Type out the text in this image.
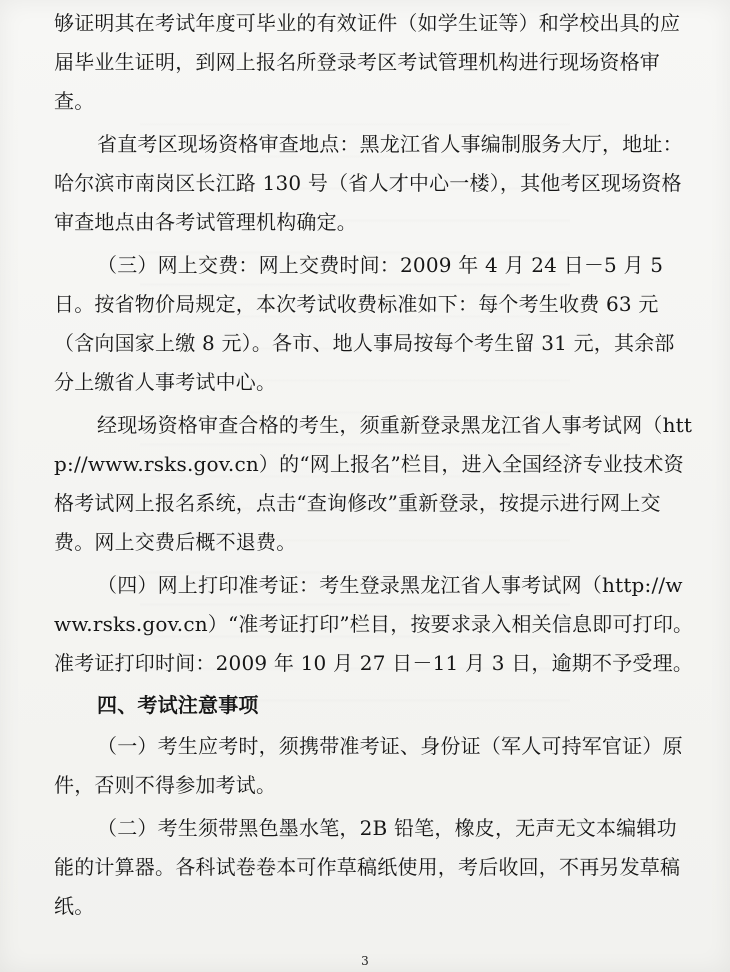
够证明其在考试年度可毕业的有效证件（如学生证等）和学校出具的应届毕业生证明，到网上报名所登录考区考试管理机构进行现场资格审查。

省直考区现场资格审查地点：黑龙江省人事编制服务大厅，地址：哈尔滨市南岗区长江路 130 号（省人才中心一楼），其他考区现场资格审查地点由各考试管理机构确定。

（三）网上交费：网上交费时间：2009 年 4 月 24 日－5 月 5 日。按省物价局规定，本次考试收费标准如下：每个考生收费 63 元（含向国家上缴 8 元）。各市、地人事局按每个考生留 31 元，其余部分上缴省人事考试中心。

经现场资格审查合格的考生，须重新登录黑龙江省人事考试网（http://www.rsks.gov.cn）的“网上报名”栏目，进入全国经济专业技术资格考试网上报名系统，点击“查询修改”重新登录，按提示进行网上交费。网上交费后概不退费。

（四）网上打印准考证：考生登录黑龙江省人事考试网（http://www.rsks.gov.cn）“准考证打印”栏目，按要求录入相关信息即可打印。准考证打印时间：2009 年 10 月 27 日－11 月 3 日，逾期不予受理。

四、考试注意事项

（一）考生应考时，须携带准考证、身份证（军人可持军官证）原件，否则不得参加考试。

（二）考生须带黑色墨水笔，2B 铅笔，橡皮，无声无文本编辑功能的计算器。各科试卷卷本可作草稿纸使用，考后收回，不再另发草稿纸。

3
